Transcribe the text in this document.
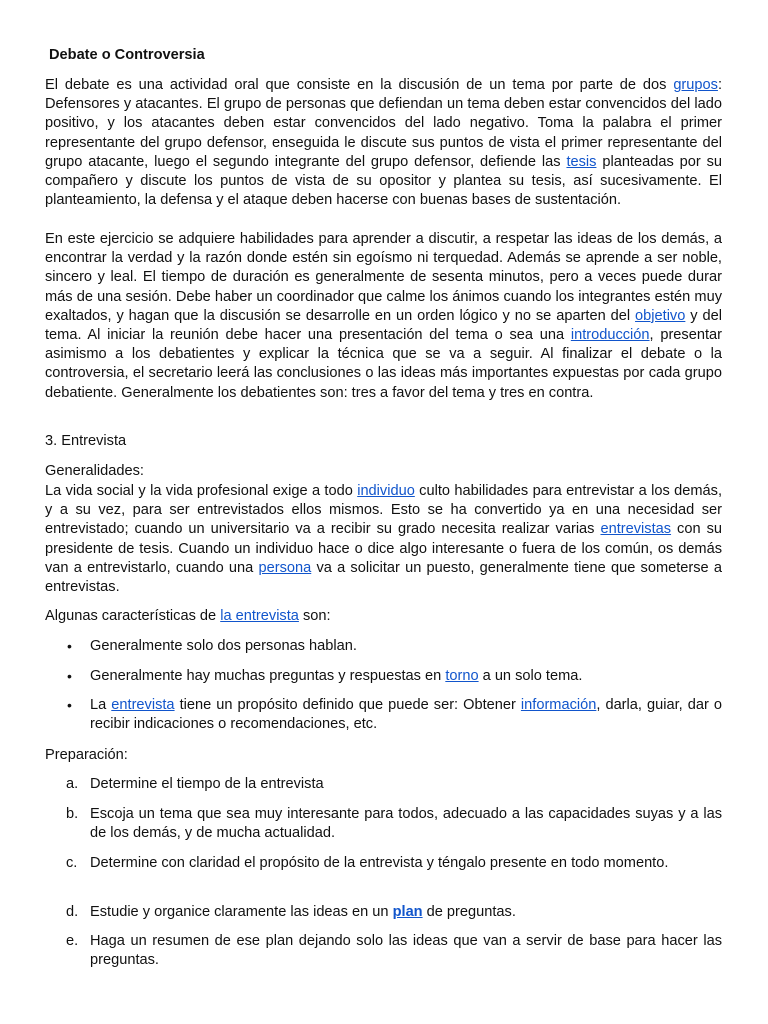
Debate o Controversia
El debate es una actividad oral que consiste en la discusión de un tema por parte de dos grupos: Defensores y atacantes. El grupo de personas que defiendan un tema deben estar convencidos del lado positivo, y los atacantes deben estar convencidos del lado negativo. Toma la palabra el primer representante del grupo defensor, enseguida le discute sus puntos de vista el primer representante del grupo atacante, luego el segundo integrante del grupo defensor, defiende las tesis planteadas por su compañero y discute los puntos de vista de su opositor y plantea su tesis, así sucesivamente. El planteamiento, la defensa y el ataque deben hacerse con buenas bases de sustentación.
En este ejercicio se adquiere habilidades para aprender a discutir, a respetar las ideas de los demás, a encontrar la verdad y la razón donde estén sin egoísmo ni terquedad. Además se aprende a ser noble, sincero y leal. El tiempo de duración es generalmente de sesenta minutos, pero a veces puede durar más de una sesión. Debe haber un coordinador que calme los ánimos cuando los integrantes estén muy exaltados, y hagan que la discusión se desarrolle en un orden lógico y no se aparten del objetivo y del tema. Al iniciar la reunión debe hacer una presentación del tema o sea una introducción, presentar asimismo a los debatientes y explicar la técnica que se va a seguir. Al finalizar el debate o la controversia, el secretario leerá las conclusiones o las ideas más importantes expuestas por cada grupo debatiente. Generalmente los debatientes son: tres a favor del tema y tres en contra.
3. Entrevista
Generalidades:
La vida social y la vida profesional exige a todo individuo culto habilidades para entrevistar a los demás, y a su vez, para ser entrevistados ellos mismos. Esto se ha convertido ya en una necesidad ser entrevistado; cuando un universitario va a recibir su grado necesita realizar varias entrevistas con su presidente de tesis. Cuando un individuo hace o dice algo interesante o fuera de los común, os demás van a entrevistarlo, cuando una persona va a solicitar un puesto, generalmente tiene que someterse a entrevistas.
Algunas características de la entrevista son:
• Generalmente solo dos personas hablan.
• Generalmente hay muchas preguntas y respuestas en torno a un solo tema.
• La entrevista tiene un propósito definido que puede ser: Obtener información, darla, guiar, dar o recibir indicaciones o recomendaciones, etc.
Preparación:
a. Determine el tiempo de la entrevista
b. Escoja un tema que sea muy interesante para todos, adecuado a las capacidades suyas y a las de los demás, y de mucha actualidad.
c. Determine con claridad el propósito de la entrevista y téngalo presente en todo momento.
d. Estudie y organice claramente las ideas en un plan de preguntas.
e. Haga un resumen de ese plan dejando solo las ideas que van a servir de base para hacer las preguntas.
